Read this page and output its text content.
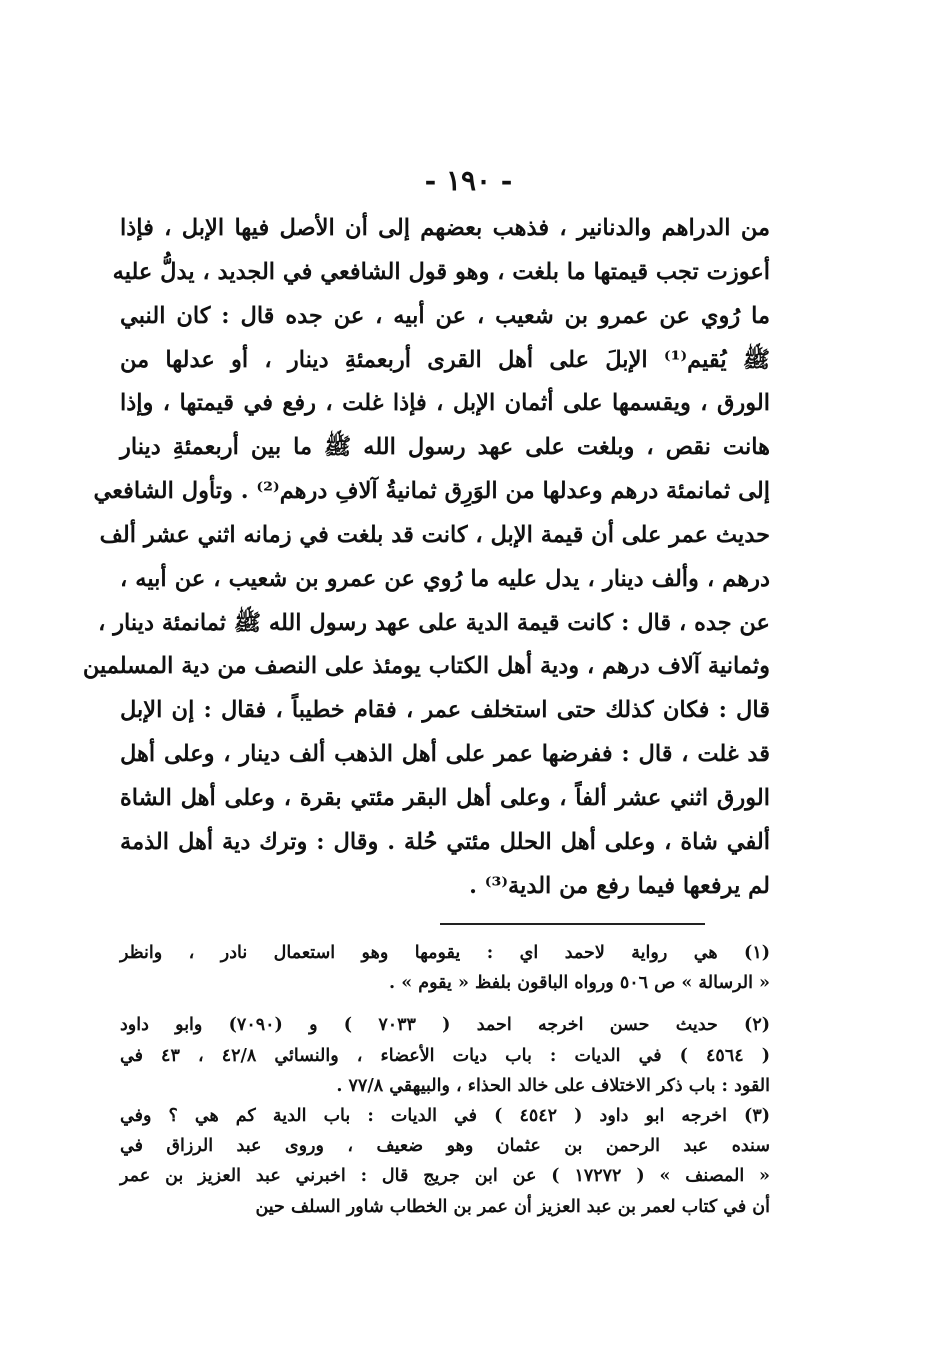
- ١٩٠ -
من الدراهم والدنانير ، فذهب بعضهم إلى أن الأصل فيها الإبل ، فإذا
أعوزت تجب قيمتها ما بلغت ، وهو قول الشافعي في الجديد ، يدلُّ عليه
ما رُوي عن عمرو بن شعيب ، عن أبيه ، عن جده قال : كان النبي
ﷺ يُقيم⁽¹⁾ الإبلَ على أهل القرى أربعمئةِ دينار ، أو عدلها من
الورق ، ويقسمها على أثمان الإبل ، فإذا غلت ، رفع في قيمتها ، وإذا
هانت نقص ، وبلغت على عهد رسول الله ﷺ ما بين أربعمئةِ دينار
إلى ثمانمئة درهم وعدلها من الوَرِق ثمانيةُ آلافِ درهم⁽²⁾ . وتأول الشافعي
حديث عمر على أن قيمة الإبل ، كانت قد بلغت في زمانه اثني عشر ألف
درهم ، وألف دينار ، يدل عليه ما رُوي عن عمرو بن شعيب ، عن أبيه ،
عن جده ، قال : كانت قيمة الدية على عهد رسول الله ﷺ ثمانمئة دينار ،
وثمانية آلاف درهم ، ودية أهل الكتاب يومئذ على النصف من دية المسلمين
قال : فكان كذلك حتى استخلف عمر ، فقام خطيباً ، فقال : إن الإبل
قد غلت ، قال : ففرضها عمر على أهل الذهب ألف دينار ، وعلى أهل
الورق اثني عشر ألفاً ، وعلى أهل البقر مئتي بقرة ، وعلى أهل الشاة
ألفي شاة ، وعلى أهل الحلل مئتي حُلة . وقال : وترك دية أهل الذمة
لم يرفعها فيما رفع من الدية⁽³⁾ .
(١) هي رواية لاحمد اي : يقومها وهو استعمال نادر ، وانظر
« الرسالة » ص ٥٠٦ ورواه الباقون بلفظ « يقوم » .
(٢) حديث حسن اخرجه احمد ( ٧٠٣٣ ) و (٧٠٩٠) وابو داود
( ٤٥٦٤ ) في الديات : باب ديات الأعضاء ، والنسائي ٤٢/٨ ، ٤٣ في
القود : باب ذكر الاختلاف على خالد الحذاء ، والبيهقي ٧٧/٨ .
(٣) اخرجه ابو داود ( ٤٥٤٢ ) في الديات : باب الدية كم هي ؟ وفي
سنده عبد الرحمن بن عثمان وهو ضعيف ، وروى عبد الرزاق في
« المصنف » ( ١٧٢٧٢ ) عن ابن جريج قال : اخبرني عبد العزيز بن عمر
أن في كتاب لعمر بن عبد العزيز أن عمر بن الخطاب شاور السلف حين
